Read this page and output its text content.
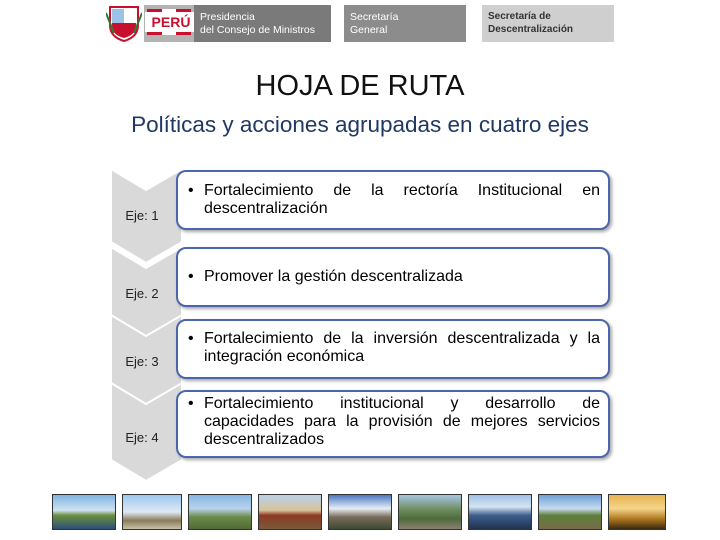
PERÚ Presidencia
del Consejo de Ministros
Secretaría
General
Secretaría de
Descentralización
HOJA DE RUTA
Políticas y acciones agrupadas en cuatro ejes
Eje: 1
• Fortalecimiento de la rectoría Institucional en descentralización
Eje. 2
• Promover la gestión descentralizada
Eje: 3
• Fortalecimiento de la inversión descentralizada y la integración económica
Eje: 4
• Fortalecimiento institucional y desarrollo de capacidades para la provisión de mejores servicios descentralizados
